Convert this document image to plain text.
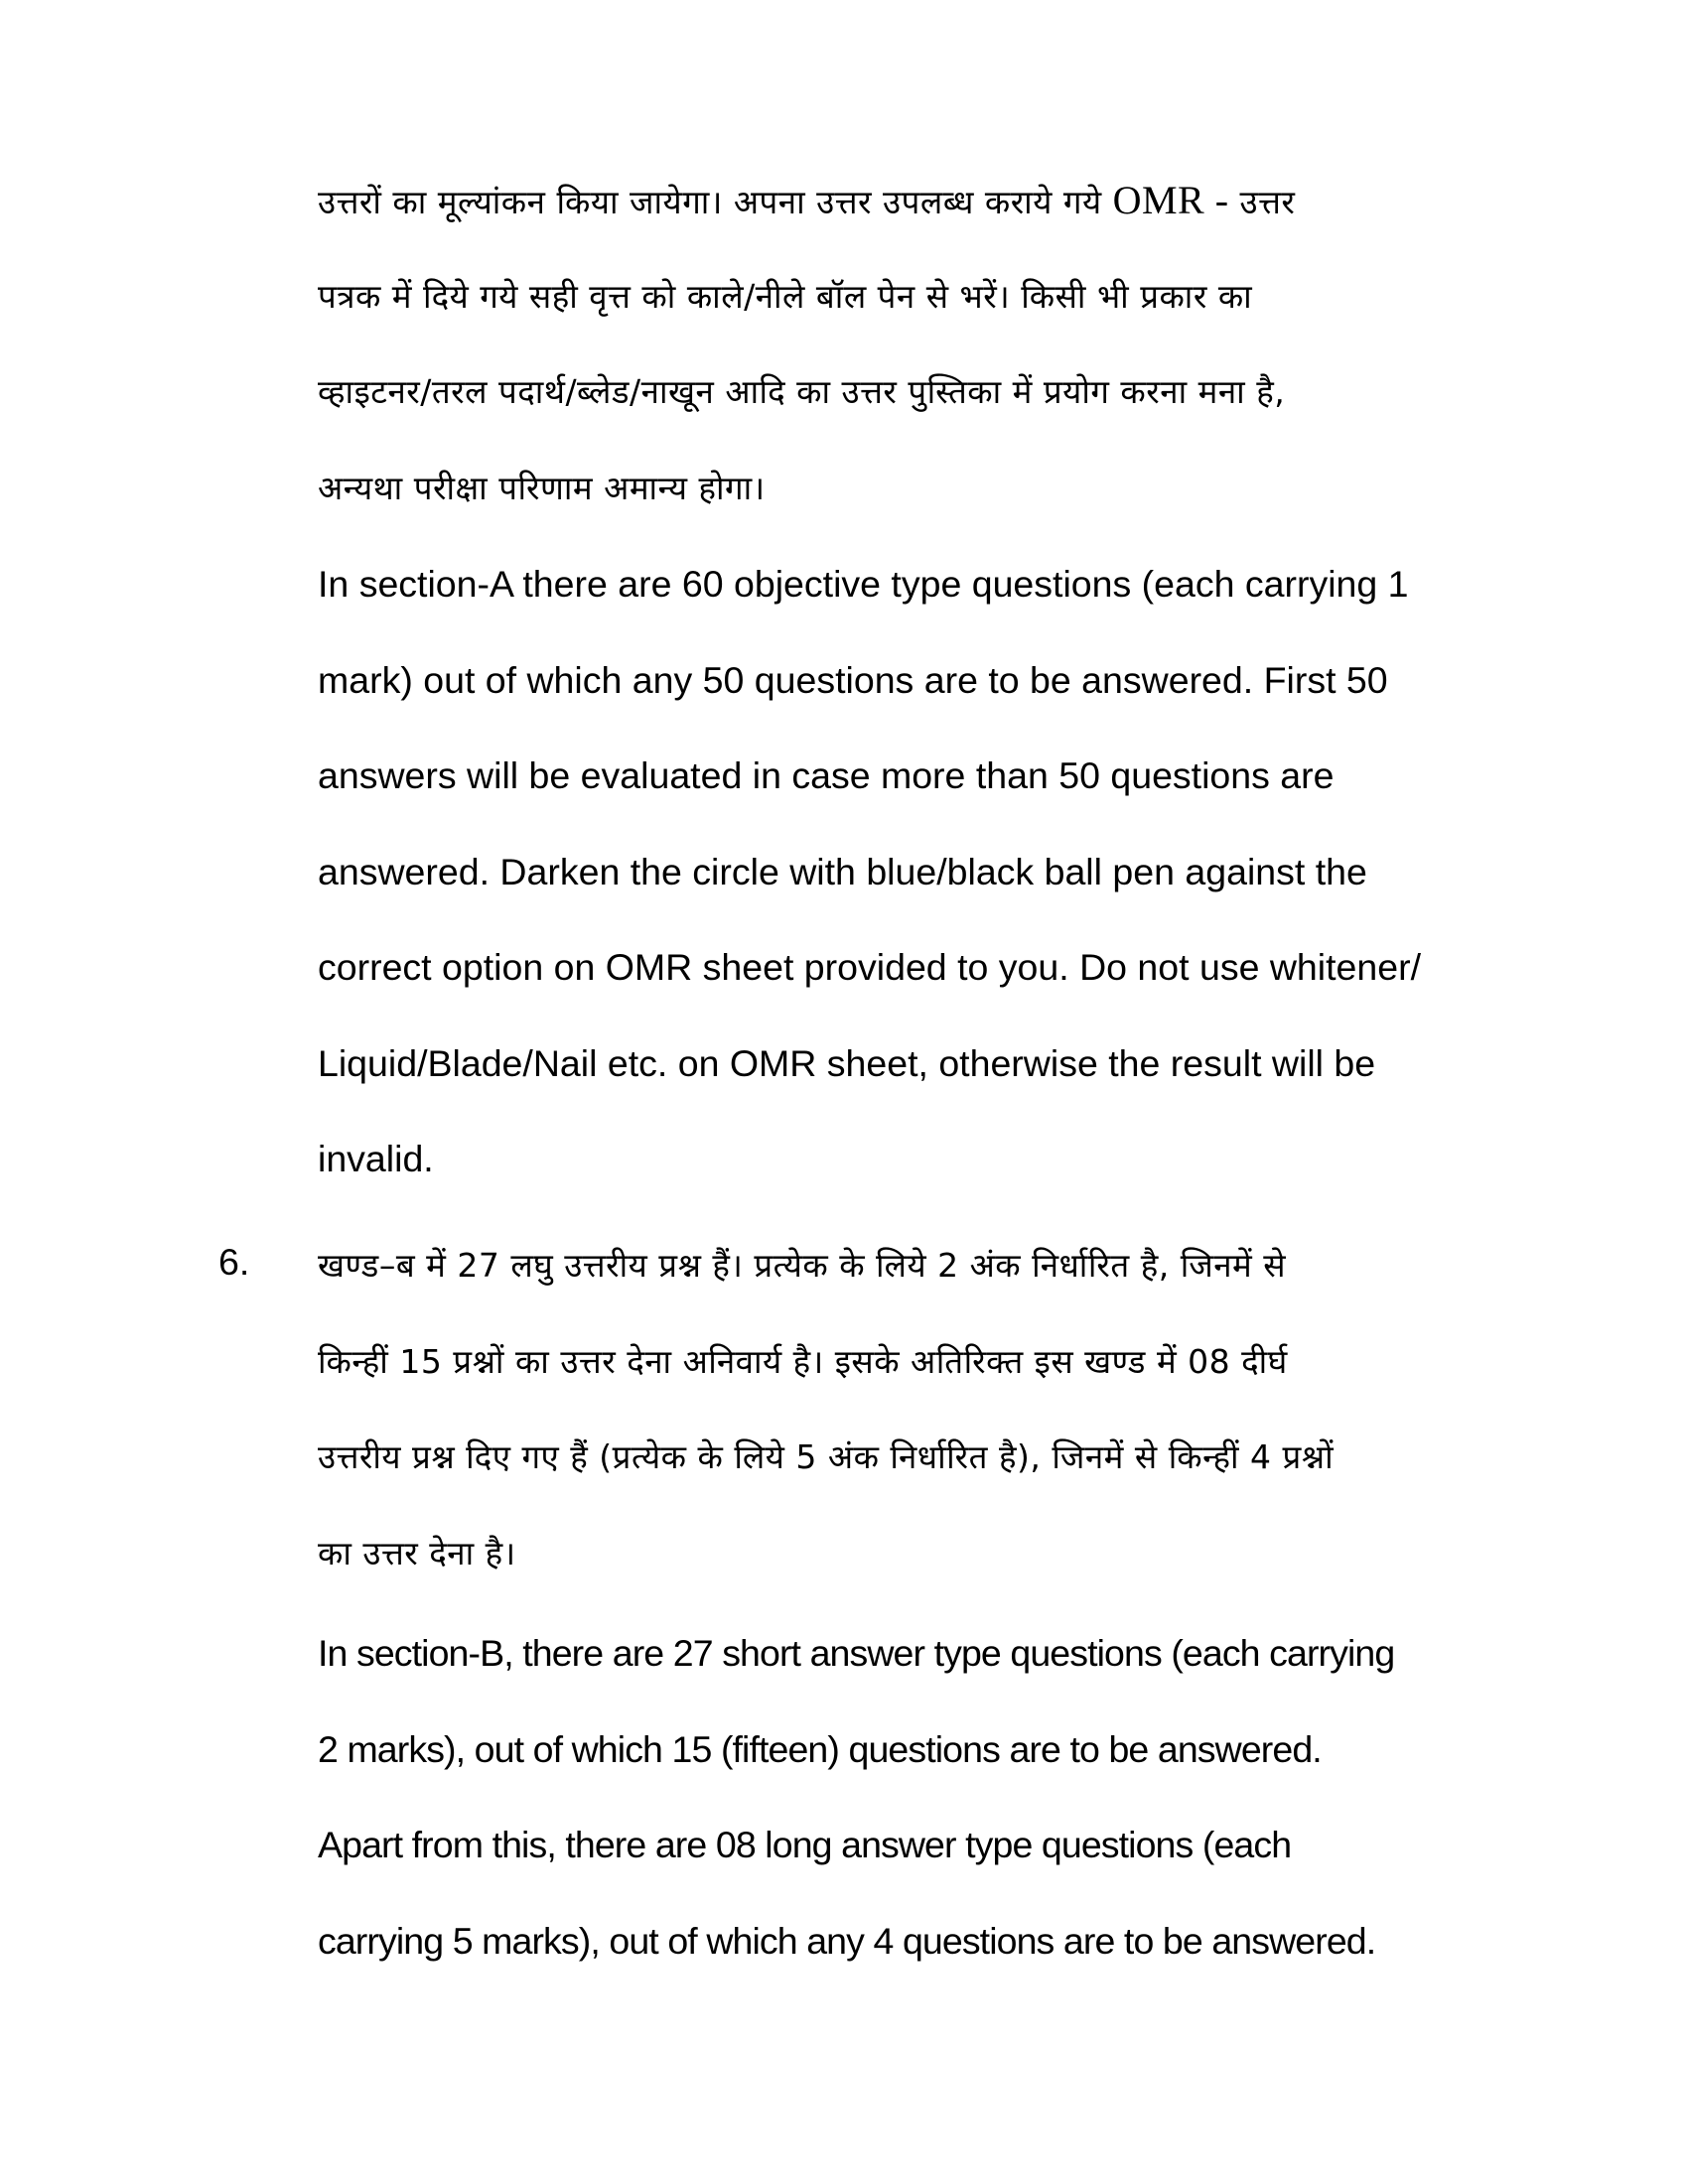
उत्तरों का मूल्यांकन किया जायेगा। अपना उत्तर उपलब्ध कराये गये OMR - उत्तर
पत्रक में दिये गये सही वृत्त को काले/नीले बॉल पेन से भरें। किसी भी प्रकार का
व्हाइटनर/तरल पदार्थ/ब्लेड/नाखून आदि का उत्तर पुस्तिका में प्रयोग करना मना है,
अन्यथा परीक्षा परिणाम अमान्य होगा।
In section-A there are 60 objective type questions (each carrying 1
mark) out of which any 50 questions are to be answered. First 50
answers will be evaluated in case more than 50 questions are
answered. Darken the circle with blue/black ball pen against the
correct option on OMR sheet provided to you. Do not use whitener/
Liquid/Blade/Nail etc. on OMR sheet, otherwise the result will be
invalid.
6. खण्ड–ब में 27 लघु उत्तरीय प्रश्न हैं। प्रत्येक के लिये 2 अंक निर्धारित है, जिनमें से
किन्हीं 15 प्रश्नों का उत्तर देना अनिवार्य है। इसके अतिरिक्त इस खण्ड में 08 दीर्घ
उत्तरीय प्रश्न दिए गए हैं (प्रत्येक के लिये 5 अंक निर्धारित है), जिनमें से किन्हीं 4 प्रश्नों
का उत्तर देना है।
In section-B, there are 27 short answer type questions (each carrying
2 marks), out of which 15 (fifteen) questions are to be answered.
Apart from this, there are 08 long answer type questions (each
carrying 5 marks), out of which any 4 questions are to be answered.
